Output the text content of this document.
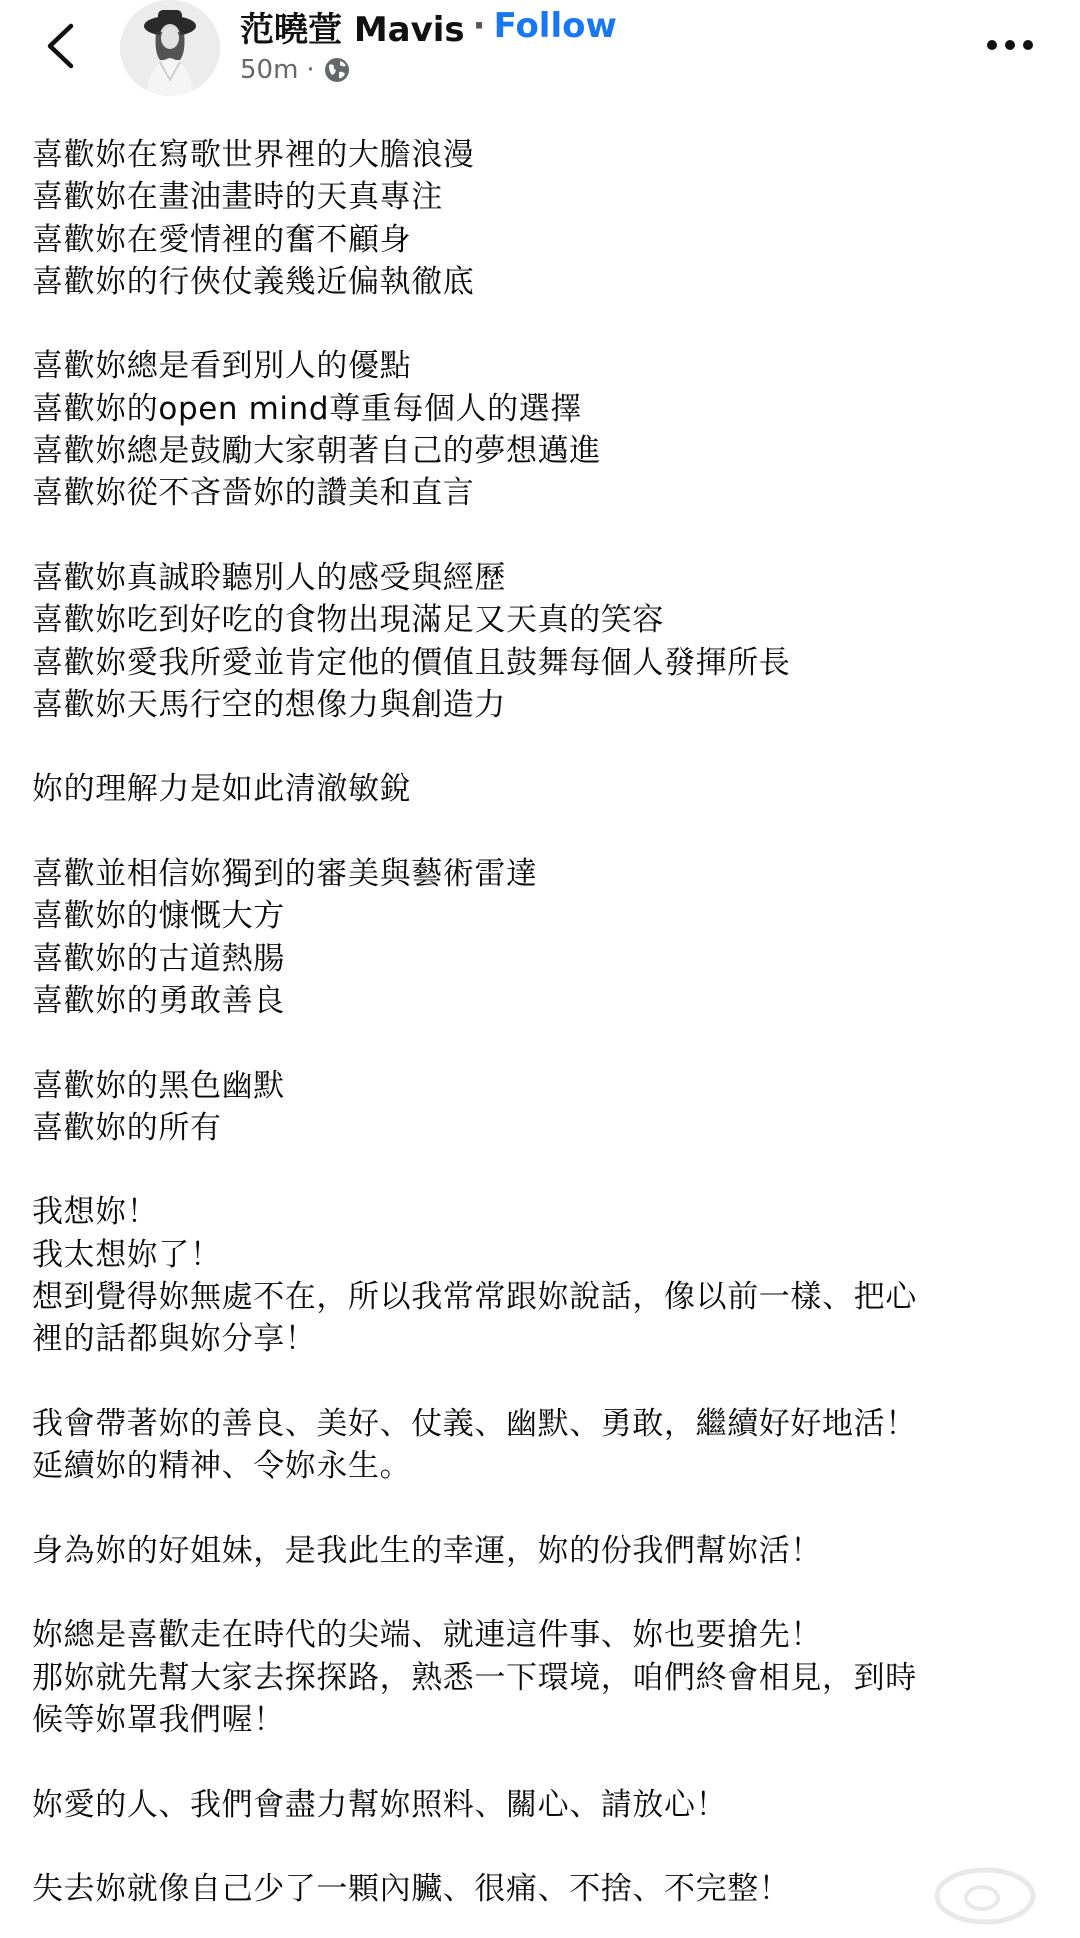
范曉萱 Mavis · Follow
50m ·
喜歡妳在寫歌世界裡的大膽浪漫
喜歡妳在畫油畫時的天真專注
喜歡妳在愛情裡的奮不顧身
喜歡妳的行俠仗義幾近偏執徹底
喜歡妳總是看到別人的優點
喜歡妳的open mind尊重每個人的選擇
喜歡妳總是鼓勵大家朝著自己的夢想邁進
喜歡妳從不吝嗇妳的讚美和直言
喜歡妳真誠聆聽別人的感受與經歷
喜歡妳吃到好吃的食物出現滿足又天真的笑容
喜歡妳愛我所愛並肯定他的價值且鼓舞每個人發揮所長
喜歡妳天馬行空的想像力與創造力
妳的理解力是如此清澈敏銳
喜歡並相信妳獨到的審美與藝術雷達
喜歡妳的慷慨大方
喜歡妳的古道熱腸
喜歡妳的勇敢善良
喜歡妳的黑色幽默
喜歡妳的所有
我想妳！
我太想妳了！
想到覺得妳無處不在，所以我常常跟妳說話，像以前一樣、把心
裡的話都與妳分享！
我會帶著妳的善良、美好、仗義、幽默、勇敢，繼續好好地活！
延續妳的精神、令妳永生。
身為妳的好姐妹，是我此生的幸運，妳的份我們幫妳活！
妳總是喜歡走在時代的尖端、就連這件事、妳也要搶先！
那妳就先幫大家去探探路，熟悉一下環境，咱們終會相見，到時
候等妳罩我們喔！
妳愛的人、我們會盡力幫妳照料、關心、請放心！
失去妳就像自己少了一顆內臟、很痛、不捨、不完整！
